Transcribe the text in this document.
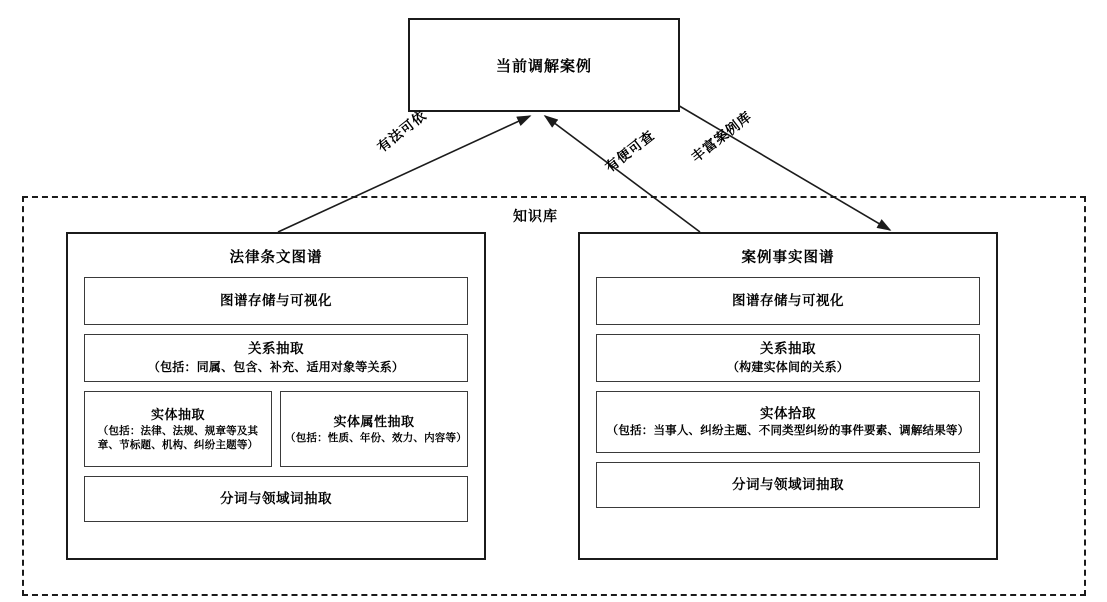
当前调解案例
知识库
有法可依	有便可查 丰富案例库
法律条文图谱
图谱存储与可视化
关系抽取
（包括：同属、包含、补充、适用对象等关系）
实体抽取
（包括：法律、法规、规章等及其章、节标题、机构、纠纷主题等）
实体属性抽取
（包括：性质、年份、效力、内容等）
分词与领域词抽取
案例事实图谱
图谱存储与可视化
关系抽取
（构建实体间的关系）
实体拾取
（包括：当事人、纠纷主题、不同类型纠纷的事件要素、调解结果等）
分词与领域词抽取
